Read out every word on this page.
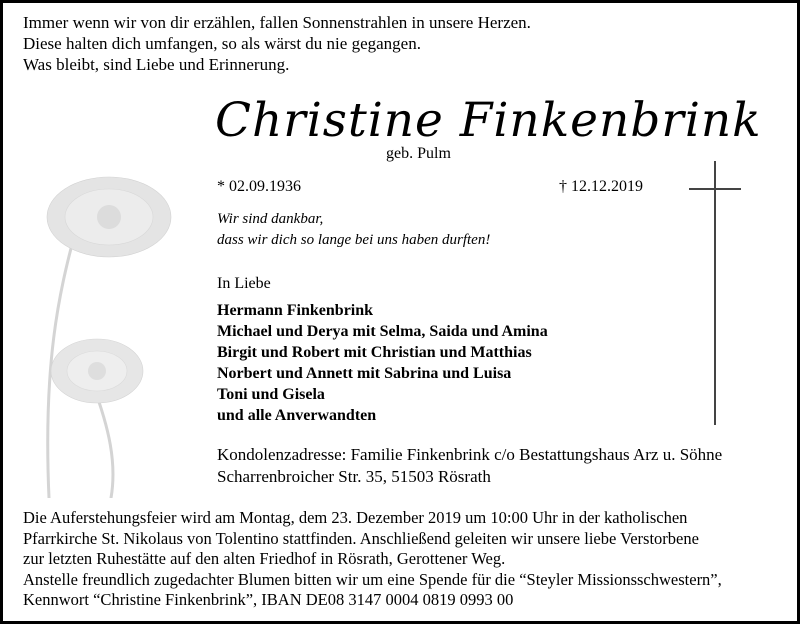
Immer wenn wir von dir erzählen, fallen Sonnenstrahlen in unsere Herzen.
Diese halten dich umfangen, so als wärst du nie gegangen.
Was bleibt, sind Liebe und Erinnerung.
Christine Finkenbrink
geb. Pulm
* 02.09.1936	† 12.12.2019
Wir sind dankbar,
dass wir dich so lange bei uns haben durften!
In Liebe
Hermann Finkenbrink
Michael und Derya mit Selma, Saida und Amina
Birgit und Robert mit Christian und Matthias
Norbert und Annett mit Sabrina und Luisa
Toni und Gisela
und alle Anverwandten
Kondolenzadresse: Familie Finkenbrink c/o Bestattungshaus Arz u. Söhne
Scharrenbroicher Str. 35, 51503 Rösrath
Die Auferstehungsfeier wird am Montag, dem 23. Dezember 2019 um 10:00 Uhr in der katholischen
Pfarrkirche St. Nikolaus von Tolentino stattfinden. Anschließend geleiten wir unsere liebe Verstorbene
zur letzten Ruhestätte auf den alten Friedhof in Rösrath, Gerottener Weg.
Anstelle freundlich zugedachter Blumen bitten wir um eine Spende für die “Steyler Missionsschwestern”,
Kennwort “Christine Finkenbrink”, IBAN DE08 3147 0004 0819 0993 00
